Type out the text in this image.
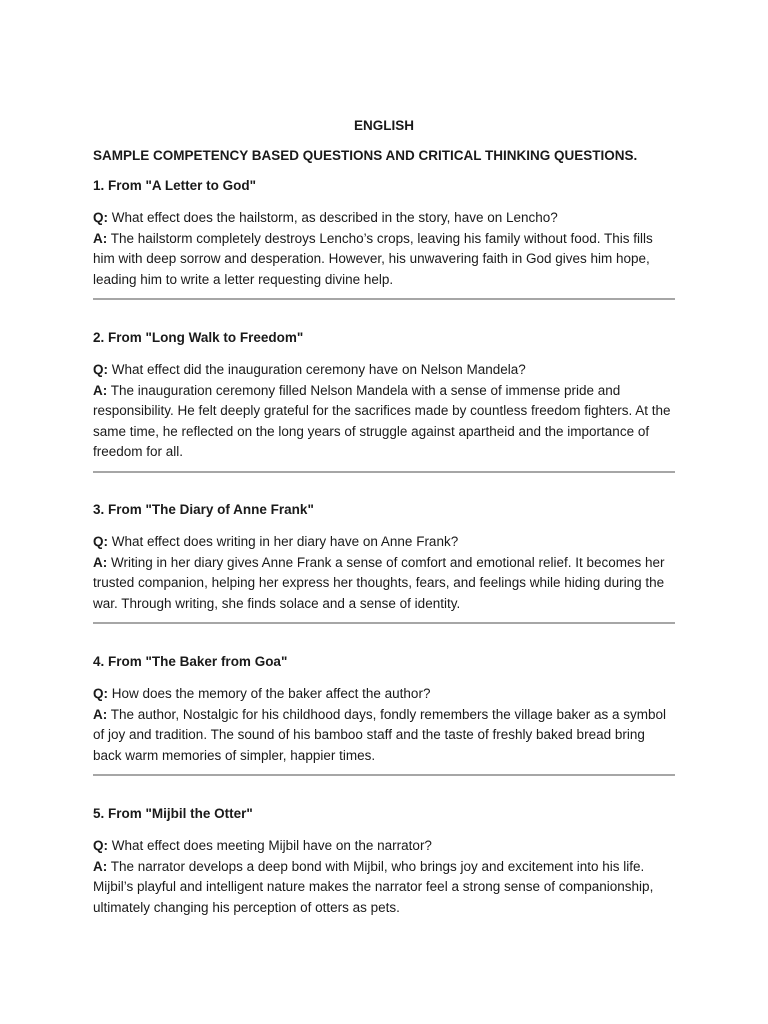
ENGLISH

SAMPLE COMPETENCY BASED QUESTIONS AND CRITICAL THINKING QUESTIONS.

1. From "A Letter to God"

Q: What effect does the hailstorm, as described in the story, have on Lencho?

A: The hailstorm completely destroys Lencho’s crops, leaving his family without food. This fills him with deep sorrow and desperation. However, his unwavering faith in God gives him hope, leading him to write a letter requesting divine help.

2. From "Long Walk to Freedom"

Q: What effect did the inauguration ceremony have on Nelson Mandela?

A: The inauguration ceremony filled Nelson Mandela with a sense of immense pride and responsibility. He felt deeply grateful for the sacrifices made by countless freedom fighters. At the same time, he reflected on the long years of struggle against apartheid and the importance of freedom for all.

3. From "The Diary of Anne Frank"

Q: What effect does writing in her diary have on Anne Frank?

A: Writing in her diary gives Anne Frank a sense of comfort and emotional relief. It becomes her trusted companion, helping her express her thoughts, fears, and feelings while hiding during the war. Through writing, she finds solace and a sense of identity.

4. From "The Baker from Goa"

Q: How does the memory of the baker affect the author?

A: The author, Nostalgic for his childhood days, fondly remembers the village baker as a symbol of joy and tradition. The sound of his bamboo staff and the taste of freshly baked bread bring back warm memories of simpler, happier times.

5. From "Mijbil the Otter"

Q: What effect does meeting Mijbil have on the narrator?

A: The narrator develops a deep bond with Mijbil, who brings joy and excitement into his life. Mijbil’s playful and intelligent nature makes the narrator feel a strong sense of companionship, ultimately changing his perception of otters as pets.
